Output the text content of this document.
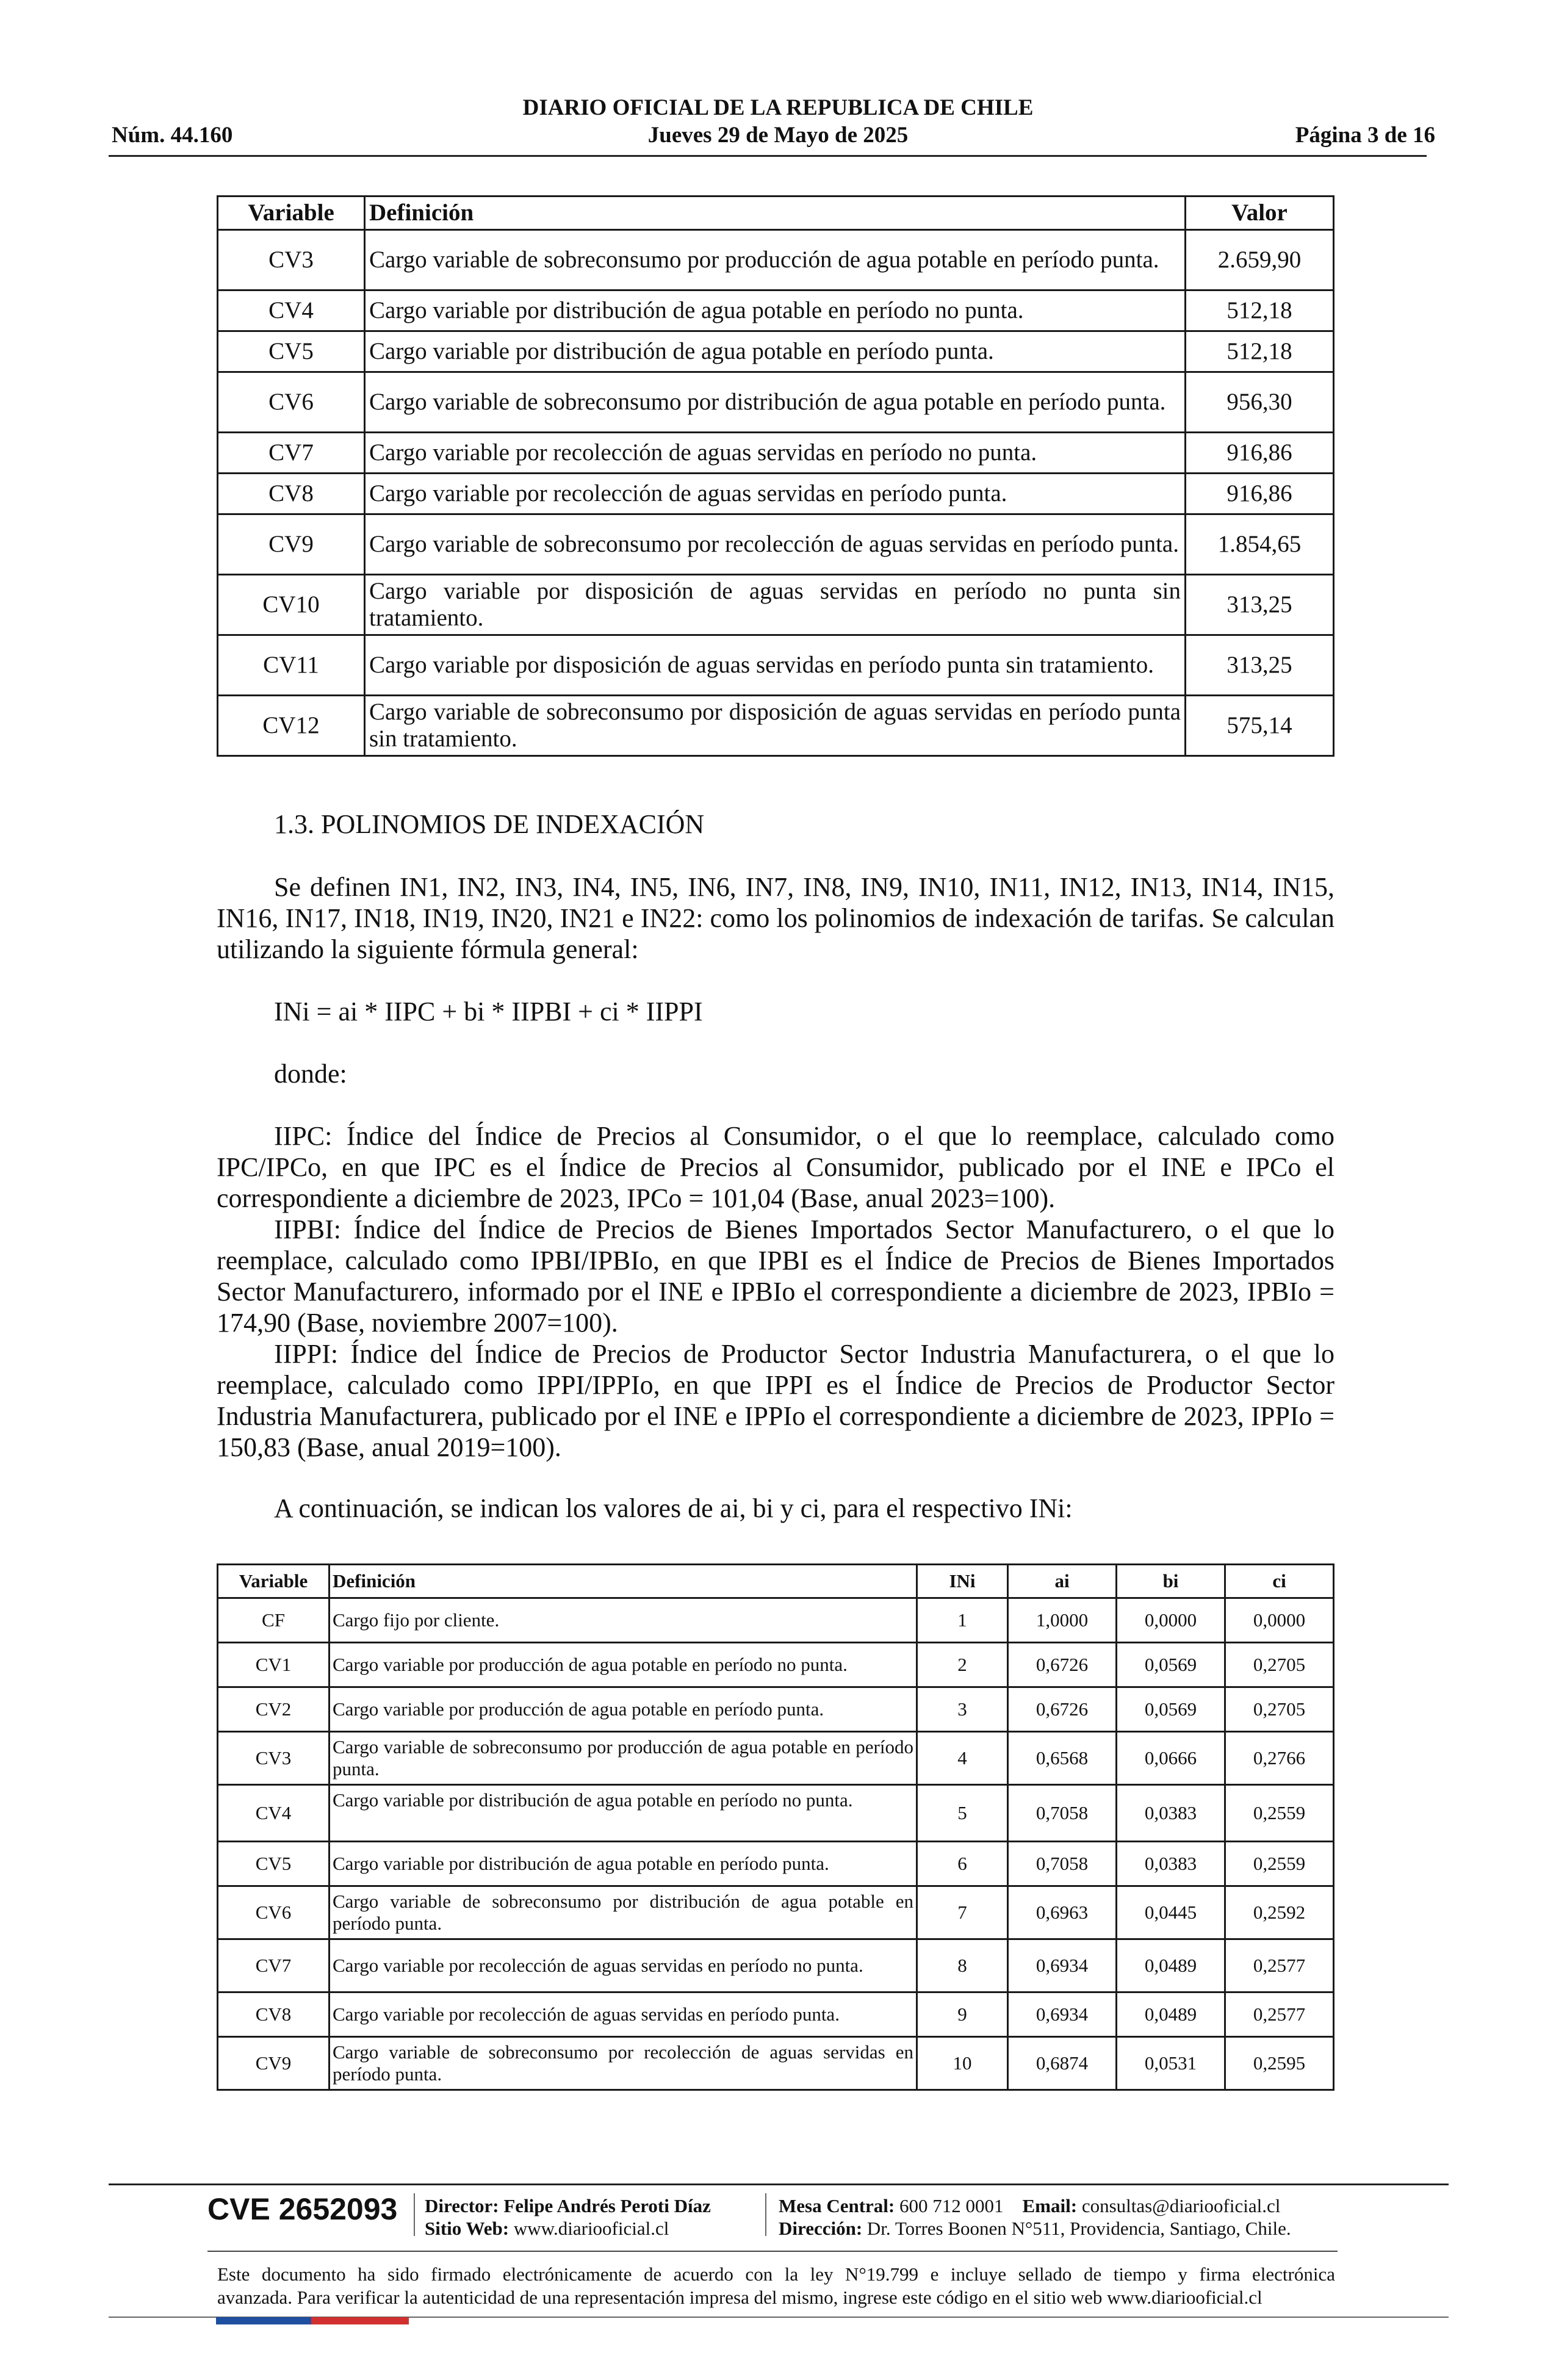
DIARIO OFICIAL DE LA REPUBLICA DE CHILE
Núm. 44.160	Jueves 29 de Mayo de 2025	Página 3 de 16
Variable	Definición	Valor
CV3	Cargo variable de sobreconsumo por producción de agua potable en período punta.	2.659,90
CV4	Cargo variable por distribución de agua potable en período no punta.	512,18
CV5	Cargo variable por distribución de agua potable en período punta.	512,18
CV6	Cargo variable de sobreconsumo por distribución de agua potable en período punta.	956,30
CV7	Cargo variable por recolección de aguas servidas en período no punta.	916,86
CV8	Cargo variable por recolección de aguas servidas en período punta.	916,86
CV9	Cargo variable de sobreconsumo por recolección de aguas servidas en período punta.	1.854,65
CV10	Cargo variable por disposición de aguas servidas en período no punta sin tratamiento.	313,25
CV11	Cargo variable por disposición de aguas servidas en período punta sin tratamiento.	313,25
CV12	Cargo variable de sobreconsumo por disposición de aguas servidas en período punta sin tratamiento.	575,14
1.3. POLINOMIOS DE INDEXACIÓN
Se definen IN1, IN2, IN3, IN4, IN5, IN6, IN7, IN8, IN9, IN10, IN11, IN12, IN13, IN14, IN15, IN16, IN17, IN18, IN19, IN20, IN21 e IN22: como los polinomios de indexación de tarifas. Se calculan utilizando la siguiente fórmula general:
INi = ai * IIPC + bi * IIPBI + ci * IIPPI
donde:
IIPC: Índice del Índice de Precios al Consumidor, o el que lo reemplace, calculado como IPC/IPCo, en que IPC es el Índice de Precios al Consumidor, publicado por el INE e IPCo el correspondiente a diciembre de 2023, IPCo = 101,04 (Base, anual 2023=100).
IIPBI: Índice del Índice de Precios de Bienes Importados Sector Manufacturero, o el que lo reemplace, calculado como IPBI/IPBIo, en que IPBI es el Índice de Precios de Bienes Importados Sector Manufacturero, informado por el INE e IPBIo el correspondiente a diciembre de 2023, IPBIo = 174,90 (Base, noviembre 2007=100).
IIPPI: Índice del Índice de Precios de Productor Sector Industria Manufacturera, o el que lo reemplace, calculado como IPPI/IPPIo, en que IPPI es el Índice de Precios de Productor Sector Industria Manufacturera, publicado por el INE e IPPIo el correspondiente a diciembre de 2023, IPPIo = 150,83 (Base, anual 2019=100).
A continuación, se indican los valores de ai, bi y ci, para el respectivo INi:
Variable	Definición	INi	ai	bi	ci
CF	Cargo fijo por cliente.	1	1,0000	0,0000	0,0000
CV1	Cargo variable por producción de agua potable en período no punta.	2	0,6726	0,0569	0,2705
CV2	Cargo variable por producción de agua potable en período punta.	3	0,6726	0,0569	0,2705
CV3	Cargo variable de sobreconsumo por producción de agua potable en período punta.	4	0,6568	0,0666	0,2766
CV4	Cargo variable por distribución de agua potable en período no punta.	5	0,7058	0,0383	0,2559
CV5	Cargo variable por distribución de agua potable en período punta.	6	0,7058	0,0383	0,2559
CV6	Cargo variable de sobreconsumo por distribución de agua potable en período punta.	7	0,6963	0,0445	0,2592
CV7	Cargo variable por recolección de aguas servidas en período no punta.	8	0,6934	0,0489	0,2577
CV8	Cargo variable por recolección de aguas servidas en período punta.	9	0,6934	0,0489	0,2577
CV9	Cargo variable de sobreconsumo por recolección de aguas servidas en período punta.	10	0,6874	0,0531	0,2595
CVE 2652093 Director: Felipe Andrés Peroti Díaz
Sitio Web: www.diariooficial.cl
Mesa Central: 600 712 0001 Email: consultas@diariooficial.cl
Dirección: Dr. Torres Boonen N°511, Providencia, Santiago, Chile.
Este documento ha sido firmado electrónicamente de acuerdo con la ley N°19.799 e incluye sellado de tiempo y firma electrónica
avanzada. Para verificar la autenticidad de una representación impresa del mismo, ingrese este código en el sitio web www.diariooficial.cl
